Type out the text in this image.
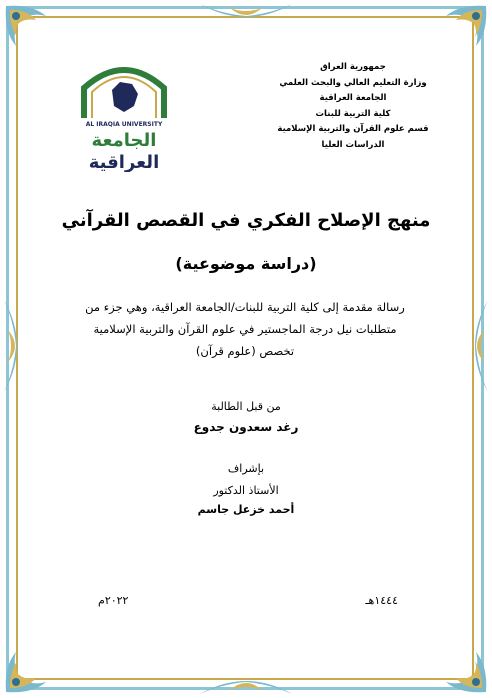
AL IRAQIA UNIVERSITY
الجامعة
العراقية
جمهورية العراق
وزارة التعليم العالي والبحث العلمي
الجامعة العراقية
كلية التربية للبنات
قسم علوم القرآن والتربية الإسلامية
الدراسات العليا
منهج الإصلاح الفكري في القصص القرآني
(دراسة موضوعية)
رسالة مقدمة إلى كلية التربية للبنات/الجامعة العراقية، وهي جزء من
متطلبات نيل درجة الماجستير في علوم القرآن والتربية الإسلامية
تخصص (علوم قرآن)
من قبل الطالبة
رغد سعدون جدوع
بإشراف
الأستاذ الدكتور
أحمد خزعل جاسم
١٤٤٤هـ
٢٠٢٢م
